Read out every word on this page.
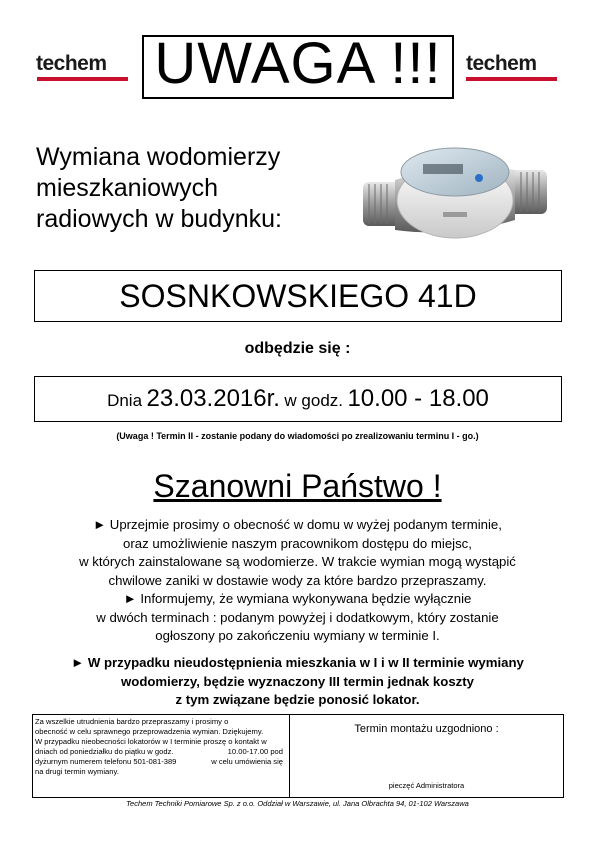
techem	techem
UWAGA !!!
Wymiana wodomierzy
mieszkaniowych
radiowych w budynku:
SOSNKOWSKIEGO 41D
odbędzie się :
Dnia 23.03.2016r. w godz. 10.00 - 18.00
(Uwaga ! Termin II - zostanie podany do wiadomości po zrealizowaniu terminu I - go.)
Szanowni Państwo !
► Uprzejmie prosimy o obecność w domu w wyżej podanym terminie,
oraz umożliwienie naszym pracownikom dostępu do miejsc,
w których zainstalowane są wodomierze. W trakcie wymian mogą wystąpić
chwilowe zaniki w dostawie wody za które bardzo przepraszamy.
► Informujemy, że wymiana wykonywana będzie wyłącznie
w dwóch terminach : podanym powyżej i dodatkowym, który zostanie
ogłoszony po zakończeniu wymiany w terminie I.
► W przypadku nieudostępnienia mieszkania w I i w II terminie wymiany
wodomierzy, będzie wyznaczony III termin jednak koszty
z tym związane będzie ponosić lokator.
Za wszelkie utrudnienia bardzo przepraszamy i prosimy o
obecność w celu sprawnego przeprowadzenia wymian. Dziękujemy.
W przypadku nieobecności lokatorów w I terminie proszę o kontakt w
dniach od poniedziałku do piątku w godz.	10.00-17.00 pod
dyżurnym numerem telefonu 501-081-389	w celu umówienia się
na drugi termin wymiany.
Termin montażu uzgodniono :
pieczęć Administratora
Techem Techniki Pomiarowe Sp. z o.o. Oddział w Warszawie, ul. Jana Olbrachta 94, 01-102 Warszawa
